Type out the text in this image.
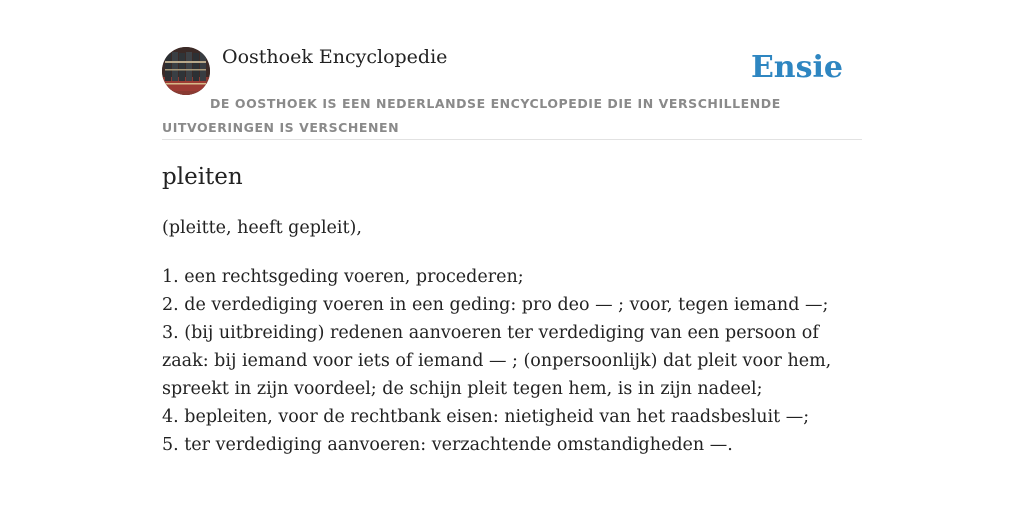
Oosthoek Encyclopedie	Ensie

DE OOSTHOEK IS EEN NEDERLANDSE ENCYCLOPEDIE DIE IN VERSCHILLENDE UITVOERINGEN IS VERSCHENEN

pleiten

(pleitte, heeft gepleit),

1. een rechtsgeding voeren, procederen;
2. de verdediging voeren in een geding: pro deo — ; voor, tegen iemand —;
3. (bij uitbreiding) redenen aanvoeren ter verdediging van een persoon of zaak: bij iemand voor iets of iemand — ; (onpersoonlijk) dat pleit voor hem, spreekt in zijn voordeel; de schijn pleit tegen hem, is in zijn nadeel;
4. bepleiten, voor de rechtbank eisen: nietigheid van het raadsbesluit —;
5. ter verdediging aanvoeren: verzachtende omstandigheden —.
